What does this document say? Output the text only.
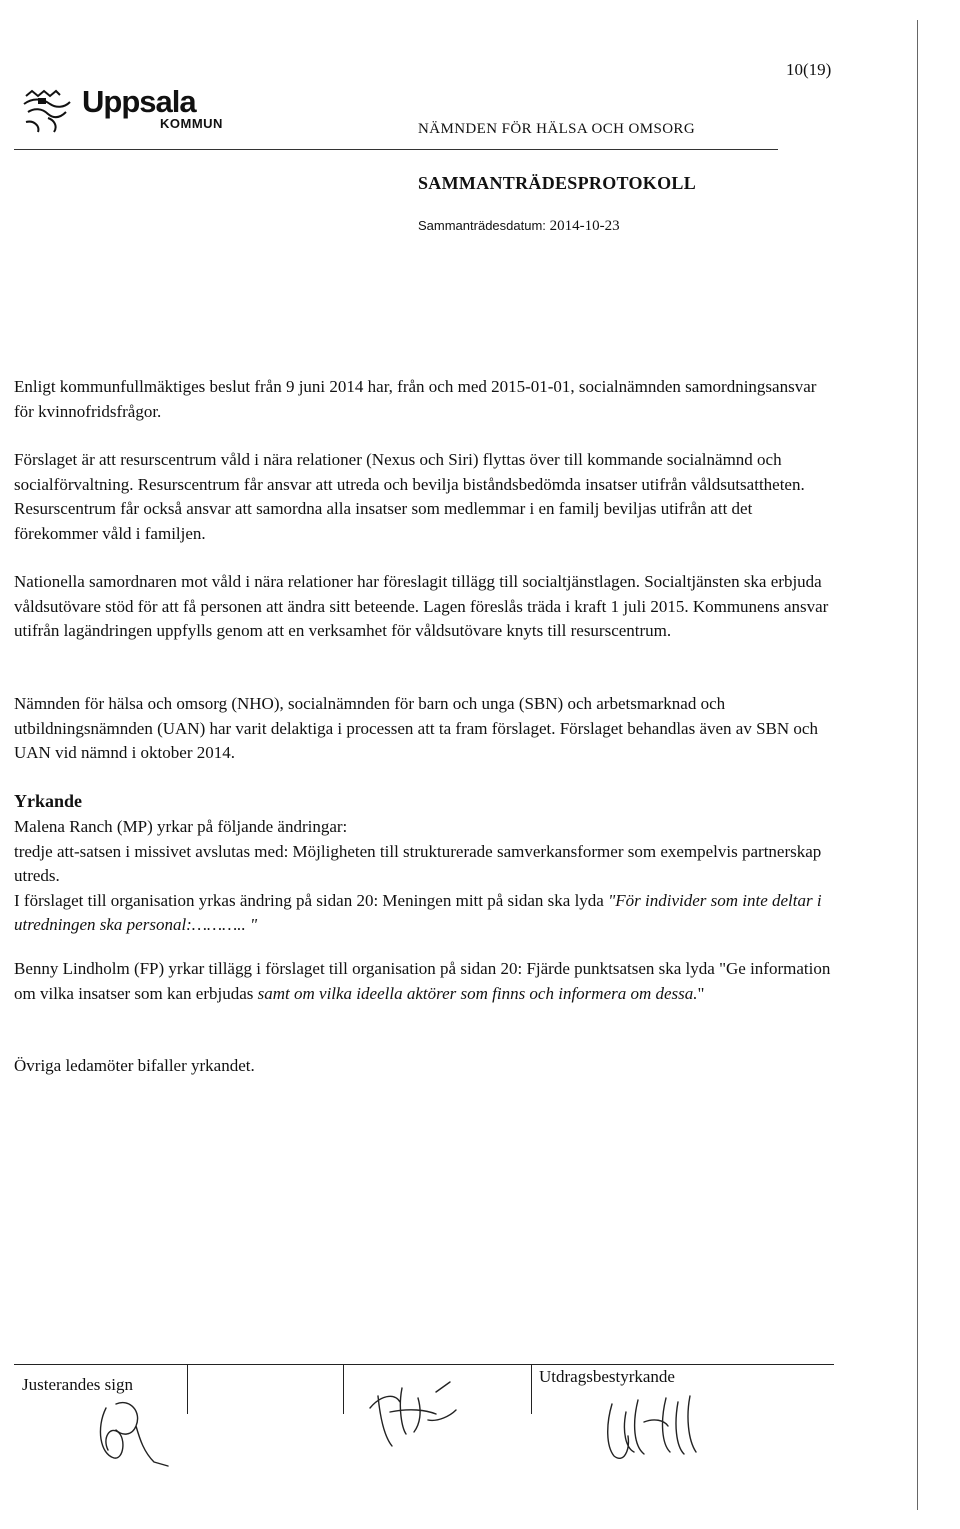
10(19)
Uppsala
KOMMUN	NÄMNDEN FÖR HÄLSA OCH OMSORG
SAMMANTRÄDESPROTOKOLL
Sammanträdesdatum: 2014-10-23

Enligt kommunfullmäktiges beslut från 9 juni 2014 har, från och med 2015-01-01, socialnämnden samordningsansvar för kvinnofridsfrågor.

Förslaget är att resurscentrum våld i nära relationer (Nexus och Siri) flyttas över till kommande socialnämnd och socialförvaltning. Resurscentrum får ansvar att utreda och bevilja biståndsbedömda insatser utifrån våldsutsattheten. Resurscentrum får också ansvar att samordna alla insatser som medlemmar i en familj beviljas utifrån att det förekommer våld i familjen.

Nationella samordnaren mot våld i nära relationer har föreslagit tillägg till socialtjänstlagen. Socialtjänsten ska erbjuda våldsutövare stöd för att få personen att ändra sitt beteende. Lagen föreslås träda i kraft 1 juli 2015. Kommunens ansvar utifrån lagändringen uppfylls genom att en verksamhet för våldsutövare knyts till resurscentrum.

Nämnden för hälsa och omsorg (NHO), socialnämnden för barn och unga (SBN) och arbetsmarknad och utbildningsnämnden (UAN) har varit delaktiga i processen att ta fram förslaget. Förslaget behandlas även av SBN och UAN vid nämnd i oktober 2014.

Yrkande

Malena Ranch (MP) yrkar på följande ändringar:

tredje att-satsen i missivet avslutas med: Möjligheten till strukturerade samverkansformer som exempelvis partnerskap utreds.

I förslaget till organisation yrkas ändring på sidan 20: Meningen mitt på sidan ska lyda "För individer som inte deltar i utredningen ska personal:……….. "

Benny Lindholm (FP) yrkar tillägg i förslaget till organisation på sidan 20: Fjärde punktsatsen ska lyda "Ge information om vilka insatser som kan erbjudas samt om vilka ideella aktörer som finns och informera om dessa."

Övriga ledamöter bifaller yrkandet.

Justerandes sign	Utdragsbestyrkande
